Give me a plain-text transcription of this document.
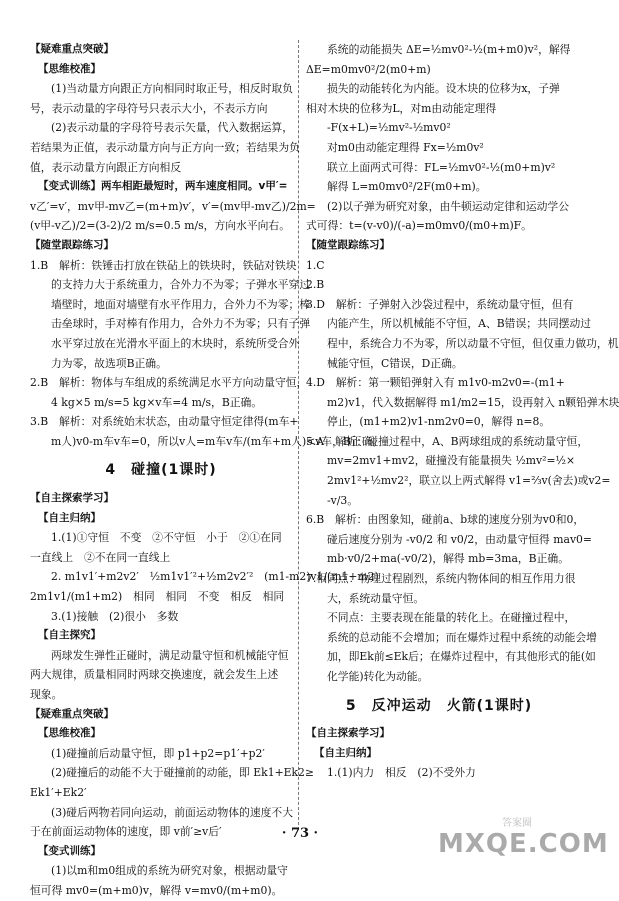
【疑难重点突破】
【思维校准】
(1)当动量方向跟正方向相同时取正号，相反时取负
号，表示动量的字母符号只表示大小，不表示方向
(2)表示动量的字母符号表示矢量，代入数据运算，
若结果为正值，表示动量方向与正方向一致；若结果为负
值，表示动量方向跟正方向相反
【变式训练】两车相距最短时，两车速度相同。v甲′=
v乙′=v′，mv甲-mv乙=(m+m)v′，v′=(mv甲-mv乙)/2m=
(v甲-v乙)/2=(3-2)/2 m/s=0.5 m/s，方向水平向右。
【随堂跟踪练习】
1.B　解析：铁锤击打放在铁砧上的铁块时，铁砧对铁块
的支持力大于系统重力，合外力不为零；子弹水平穿过
墙壁时，地面对墙壁有水平作用力，合外力不为零；棒
击垒球时，手对棒有作用力，合外力不为零；只有子弹
水平穿过放在光滑水平面上的木块时，系统所受合外
力为零，故选项B正确。
2.B　解析：物体与车组成的系统满足水平方向动量守恒，
4 kg×5 m/s=5 kg×v车=4 m/s，B正确。
3.B　解析：对系统始末状态，由动量守恒定律得(m车+
m人)v0-m车v车=0，所以v人=m车v车/(m车+m人)<v车，B正确。
4　碰撞(1课时)
【自主探索学习】
【自主归纳】
1.(1)①守恒　不变　②不守恒　小于　②①在同
一直线上　②不在同一直线上
2. m1v1′+m2v2′　½m1v1′²+½m2v2′²　(m1-m2)v1/(m1+m2)
2m1v1/(m1+m2)　相同　相同　不变　相反　相同
3.(1)接触　(2)很小　多数
【自主探究】
两球发生弹性正碰时，满足动量守恒和机械能守恒
两大规律，质量相同时两球交换速度，就会发生上述
现象。
【疑难重点突破】
【思维校准】
(1)碰撞前后动量守恒，即 p1+p2=p1′+p2′
(2)碰撞后的动能不大于碰撞前的动能，即 Ek1+Ek2≥
Ek1′+Ek2′
(3)碰后两物若同向运动，前面运动物体的速度不大
于在前面运动物体的速度，即 v前′≥v后′
【变式训练】
(1)以m和m0组成的系统为研究对象，根据动量守
恒可得 mv0=(m+m0)v，解得 v=mv0/(m+m0)。
系统的动能损失 ΔE=½mv0²-½(m+m0)v²，解得
ΔE=m0mv0²/2(m0+m)
损失的动能转化为内能。设木块的位移为x，子弹
相对木块的位移为L，对m由动能定理得
-F(x+L)=½mv²-½mv0²
对m0由动能定理得 Fx=½m0v²
联立上面两式可得：FL=½mv0²-½(m0+m)v²
解得 L=m0mv0²/2F(m0+m)。
(2)以子弹为研究对象，由牛顿运动定律和运动学公
式可得：t=(v-v0)/(-a)=m0mv0/(m0+m)F。
【随堂跟踪练习】
1.C
2.B
3.D　解析：子弹射入沙袋过程中，系统动量守恒，但有
内能产生，所以机械能不守恒，A、B错误；共同摆动过
程中，系统合力不为零，所以动量不守恒，但仅重力做功，机
械能守恒，C错误，D正确。
4.D　解析：第一颗铅弹射入有 m1v0-m2v0=-(m1+
m2)v1，代入数据解得 m1/m2=15，设再射入 n颗铅弹木块
停止，(m1+m2)v1-nm2v0=0，解得 n=8。
5.A　解析：碰撞过程中，A、B两球组成的系统动量守恒，
mv=2mv1+mv2，碰撞没有能量损失 ½mv²=½×
2mv1²+½mv2²，联立以上两式解得 v1=⅔v(舍去)或v2=
-v/3。
6.B　解析：由图象知，碰前a、b球的速度分别为v0和0，
碰后速度分别为 -v0/2 和 v0/2，由动量守恒得 mav0=
mb·v0/2+ma(-v0/2)，解得 mb=3ma，B正确。
7.相同点：物理过程剧烈，系统内物体间的相互作用力很
大，系统动量守恒。
不同点：主要表现在能量的转化上。在碰撞过程中，
系统的总动能不会增加；而在爆炸过程中系统的动能会增
加，即Ek前≤Ek后；在爆炸过程中，有其他形式的能(如
化学能)转化为动能。
5　反冲运动　火箭(1课时)
【自主探索学习】
【自主归纳】
1.(1)内力　相反　(2)不受外力
· 73 ·
答案圈
MXQE.COM
